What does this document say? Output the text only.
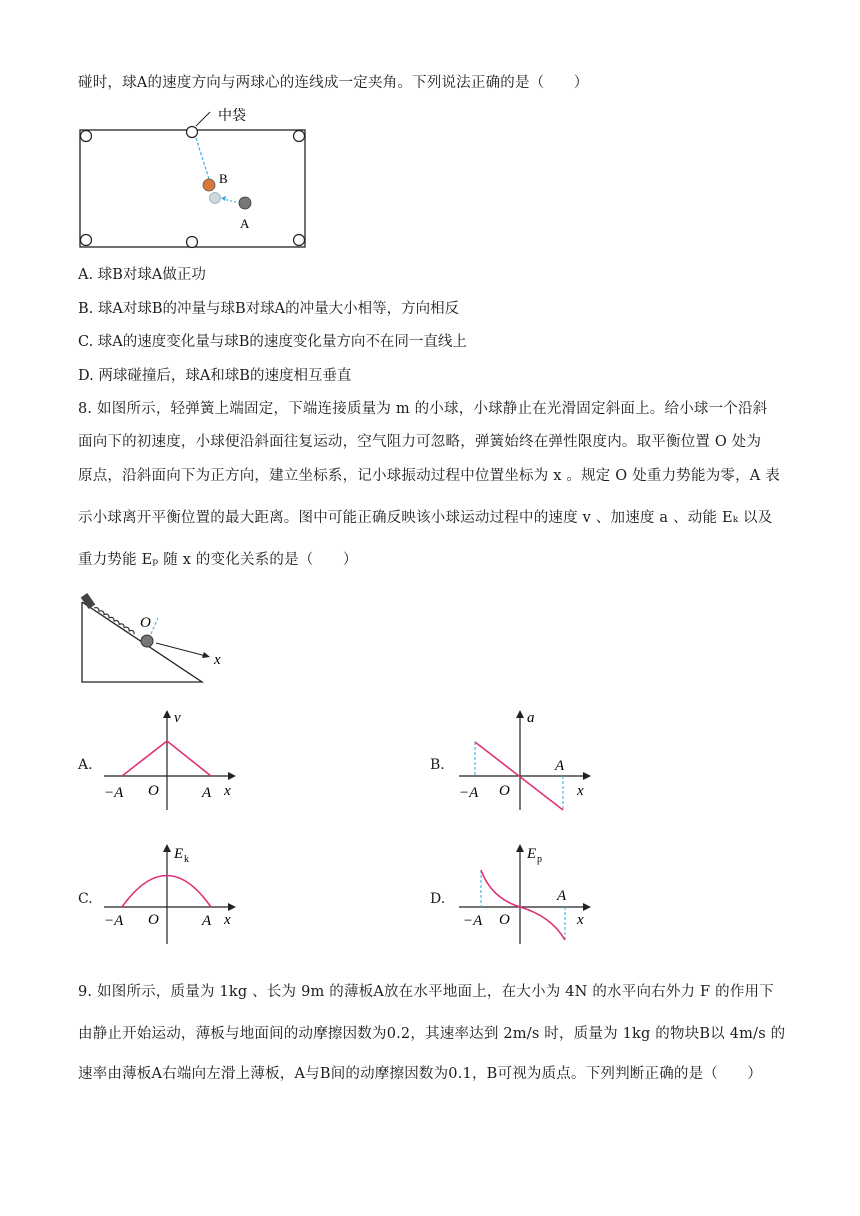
碰时，球A的速度方向与两球心的连线成一定夹角。下列说法正确的是（　　）
中袋
B
A
A. 球B对球A做正功
B. 球A对球B的冲量与球B对球A的冲量大小相等，方向相反
C. 球A的速度变化量与球B的速度变化量方向不在同一直线上
D. 两球碰撞后，球A和球B的速度相互垂直
8. 如图所示，轻弹簧上端固定，下端连接质量为 m 的小球，小球静止在光滑固定斜面上。给小球一个沿斜
面向下的初速度，小球便沿斜面往复运动，空气阻力可忽略，弹簧始终在弹性限度内。取平衡位置 O 处为
原点，沿斜面向下为正方向，建立坐标系，记小球振动过程中位置坐标为 x 。规定 O 处重力势能为零，A 表
示小球离开平衡位置的最大距离。图中可能正确反映该小球运动过程中的速度 v 、加速度 a 、动能 Eₖ 以及
重力势能 Eₚ 随 x 的变化关系的是（　　）
O
x
A.
v
−A O	A x
B.
a
−A O
A
x
C.
E k
−A O	A x
D.
E p
−A O
A
x
9. 如图所示，质量为 1kg 、长为 9m 的薄板A放在水平地面上，在大小为 4N 的水平向右外力 F 的作用下
由静止开始运动，薄板与地面间的动摩擦因数为0.2，其速率达到 2m/s 时，质量为 1kg 的物块B以 4m/s 的
速率由薄板A右端向左滑上薄板，A与B间的动摩擦因数为0.1，B可视为质点。下列判断正确的是（　　）
